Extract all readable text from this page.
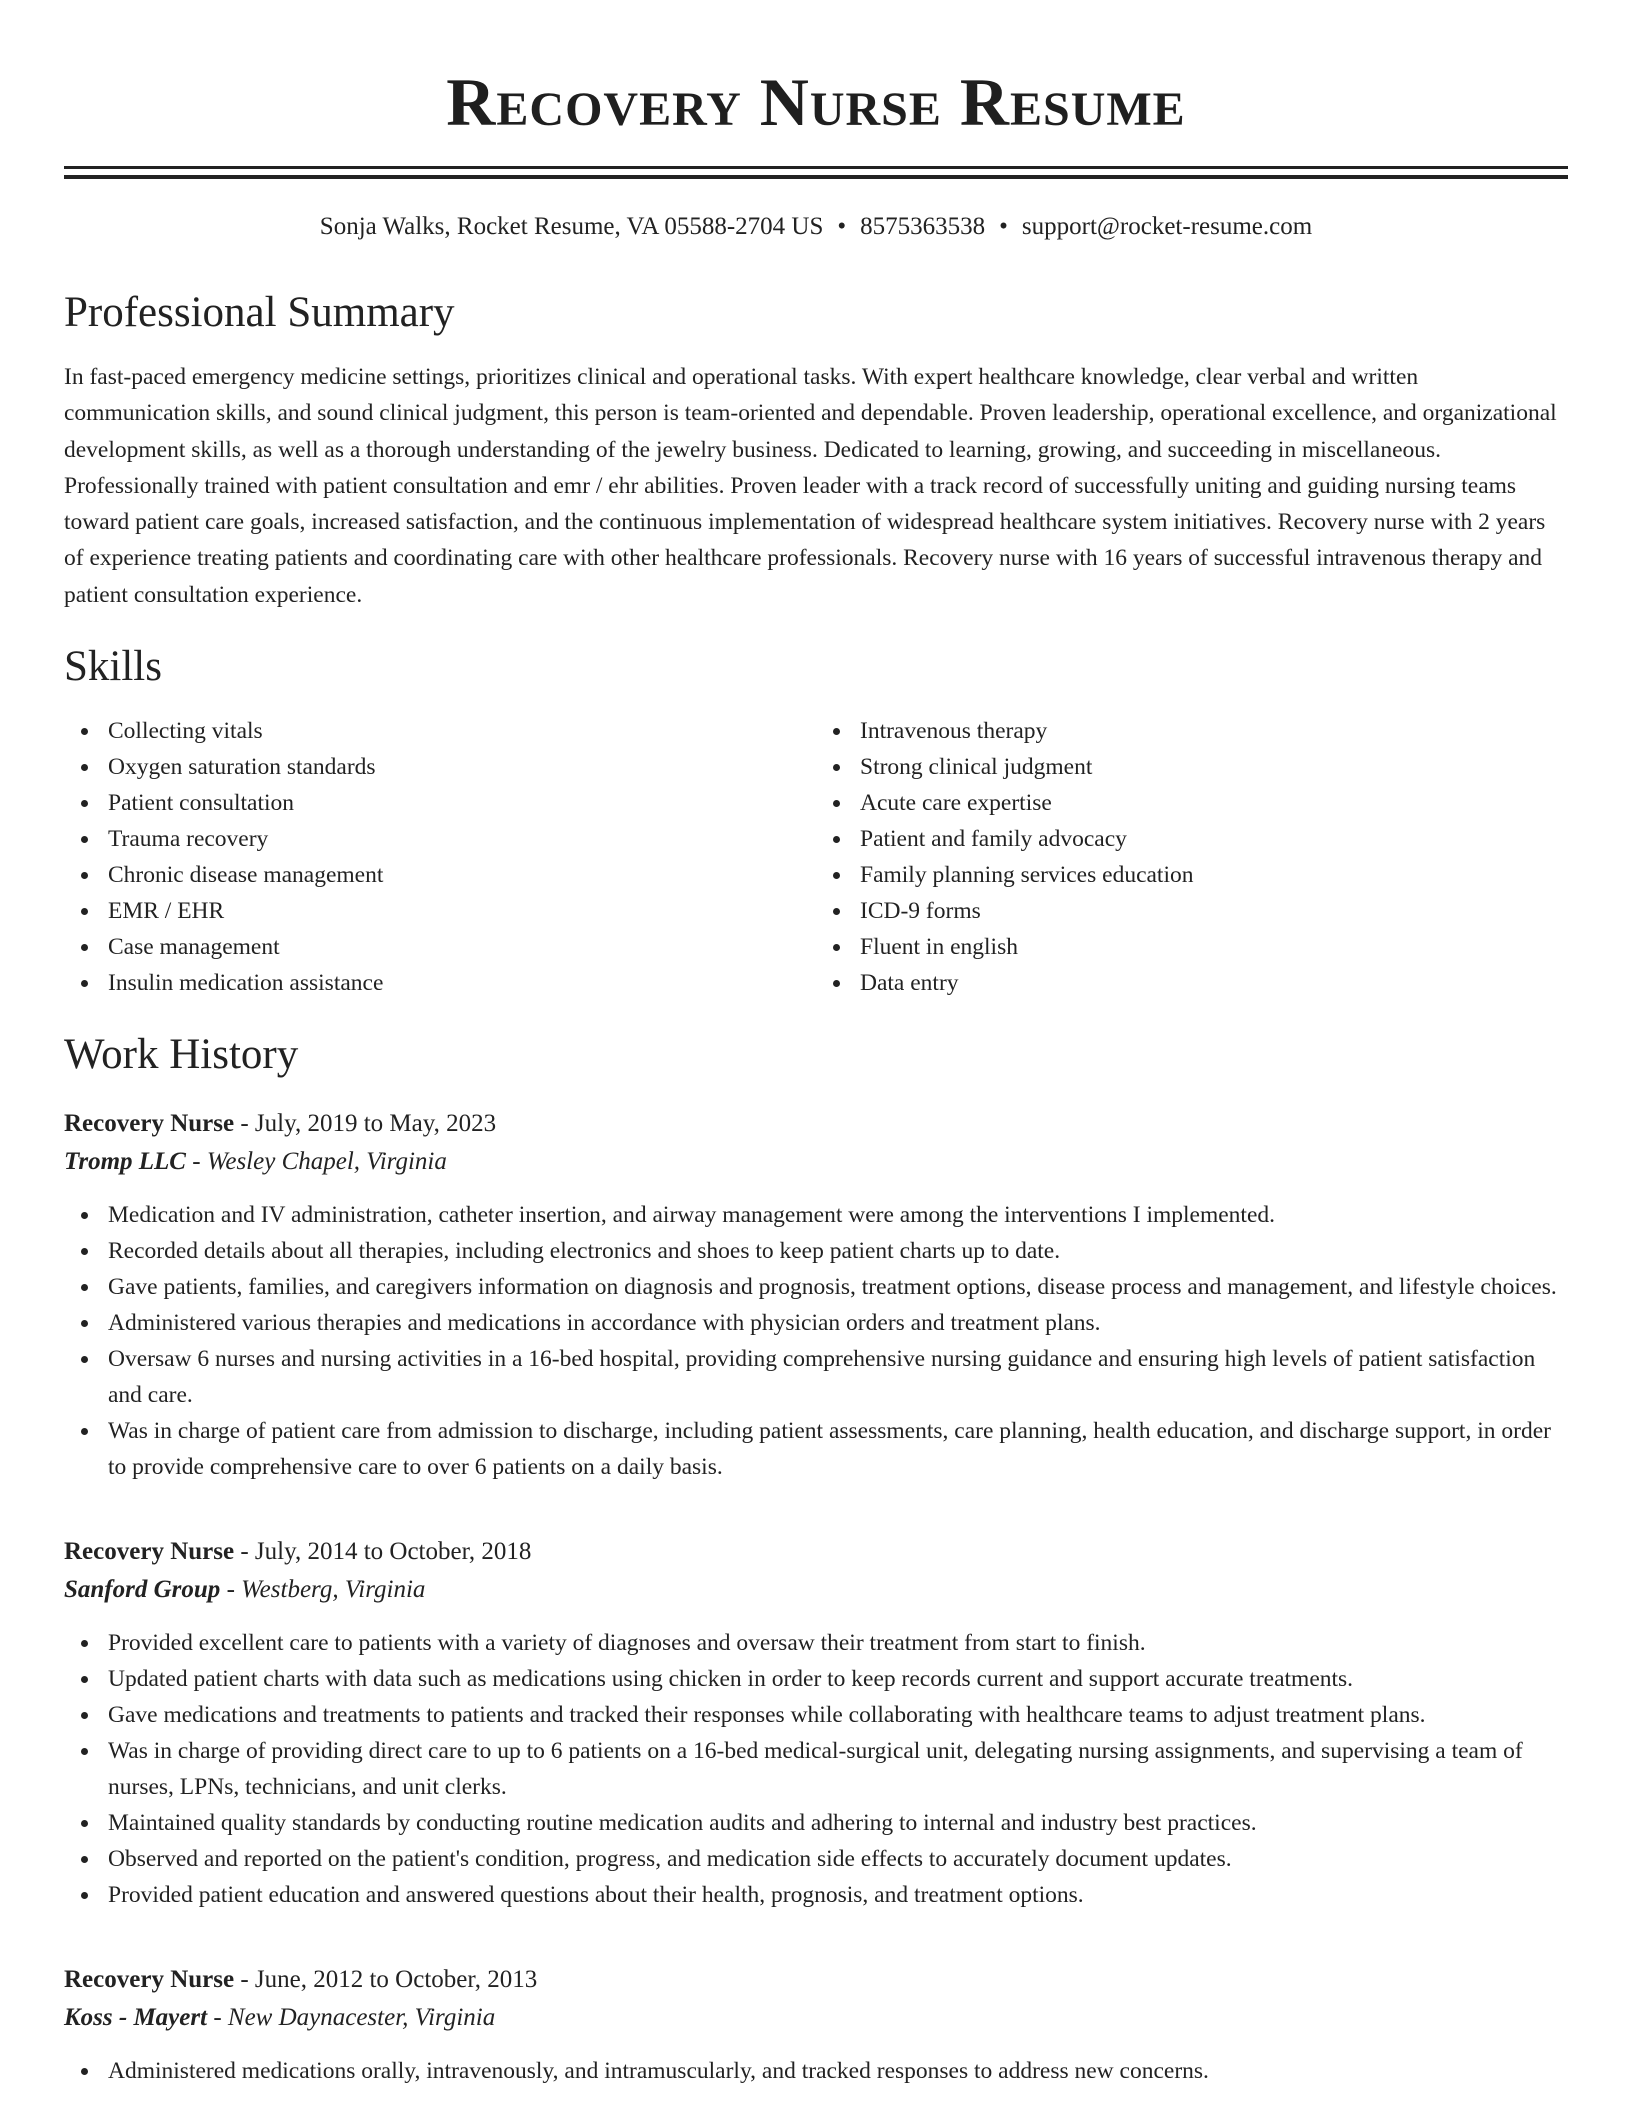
Recovery Nurse Resume
Sonja Walks, Rocket Resume, VA 05588-2704 US • 8575363538 • support@rocket-resume.com
Professional Summary
In fast-paced emergency medicine settings, prioritizes clinical and operational tasks. With expert healthcare knowledge, clear verbal and written communication skills, and sound clinical judgment, this person is team-oriented and dependable. Proven leadership, operational excellence, and organizational development skills, as well as a thorough understanding of the jewelry business. Dedicated to learning, growing, and succeeding in miscellaneous. Professionally trained with patient consultation and emr / ehr abilities. Proven leader with a track record of successfully uniting and guiding nursing teams toward patient care goals, increased satisfaction, and the continuous implementation of widespread healthcare system initiatives. Recovery nurse with 2 years of experience treating patients and coordinating care with other healthcare professionals. Recovery nurse with 16 years of successful intravenous therapy and patient consultation experience.
Skills
Collecting vitals
Oxygen saturation standards
Patient consultation
Trauma recovery
Chronic disease management
EMR / EHR
Case management
Insulin medication assistance
Intravenous therapy
Strong clinical judgment
Acute care expertise
Patient and family advocacy
Family planning services education
ICD-9 forms
Fluent in english
Data entry
Work History
Recovery Nurse - July, 2019 to May, 2023
Tromp LLC - Wesley Chapel, Virginia
Medication and IV administration, catheter insertion, and airway management were among the interventions I implemented.
Recorded details about all therapies, including electronics and shoes to keep patient charts up to date.
Gave patients, families, and caregivers information on diagnosis and prognosis, treatment options, disease process and management, and lifestyle choices.
Administered various therapies and medications in accordance with physician orders and treatment plans.
Oversaw 6 nurses and nursing activities in a 16-bed hospital, providing comprehensive nursing guidance and ensuring high levels of patient satisfaction and care.
Was in charge of patient care from admission to discharge, including patient assessments, care planning, health education, and discharge support, in order to provide comprehensive care to over 6 patients on a daily basis.
Recovery Nurse - July, 2014 to October, 2018
Sanford Group - Westberg, Virginia
Provided excellent care to patients with a variety of diagnoses and oversaw their treatment from start to finish.
Updated patient charts with data such as medications using chicken in order to keep records current and support accurate treatments.
Gave medications and treatments to patients and tracked their responses while collaborating with healthcare teams to adjust treatment plans.
Was in charge of providing direct care to up to 6 patients on a 16-bed medical-surgical unit, delegating nursing assignments, and supervising a team of nurses, LPNs, technicians, and unit clerks.
Maintained quality standards by conducting routine medication audits and adhering to internal and industry best practices.
Observed and reported on the patient's condition, progress, and medication side effects to accurately document updates.
Provided patient education and answered questions about their health, prognosis, and treatment options.
Recovery Nurse - June, 2012 to October, 2013
Koss - Mayert - New Daynacester, Virginia
Administered medications orally, intravenously, and intramuscularly, and tracked responses to address new concerns.
